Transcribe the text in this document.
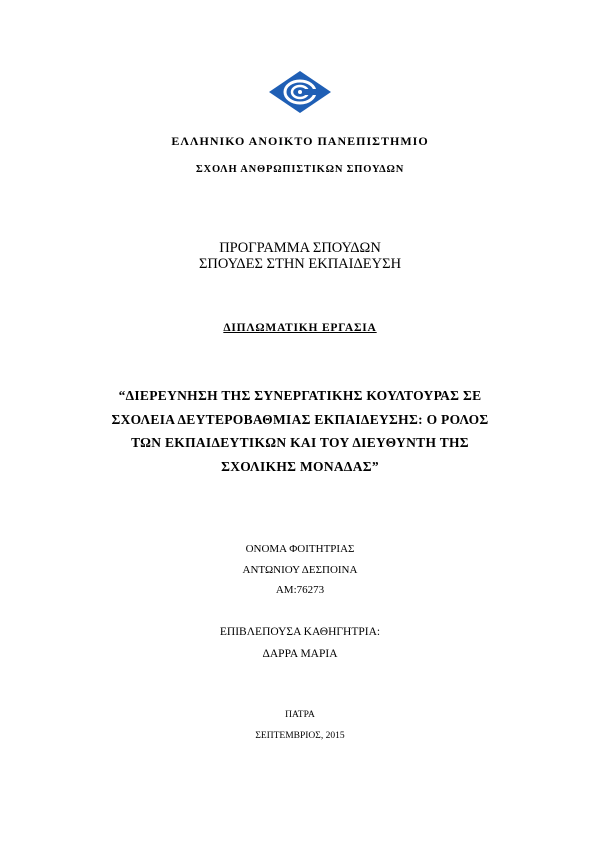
ΕΛΛΗΝΙΚΟ ΑΝΟΙΚΤΟ ΠΑΝΕΠΙΣΤΗΜΙΟ
ΣΧΟΛΗ ΑΝΘΡΩΠΙΣΤΙΚΩΝ ΣΠΟΥΔΩΝ
ΠΡΟΓΡΑΜΜΑ ΣΠΟΥΔΩΝ
ΣΠΟΥΔΕΣ ΣΤΗΝ ΕΚΠΑΙΔΕΥΣΗ
ΔΙΠΛΩΜΑΤΙΚΗ ΕΡΓΑΣΙΑ
“ΔΙΕΡΕΥΝΗΣΗ ΤΗΣ ΣΥΝΕΡΓΑΤΙΚΗΣ ΚΟΥΛΤΟΥΡΑΣ ΣΕ
ΣΧΟΛΕΙΑ ΔΕΥΤΕΡΟΒΑΘΜΙΑΣ ΕΚΠΑΙΔΕΥΣΗΣ: Ο ΡΟΛΟΣ
ΤΩΝ ΕΚΠΑΙΔΕΥΤΙΚΩΝ ΚΑΙ ΤΟΥ ΔΙΕΥΘΥΝΤΗ ΤΗΣ
ΣΧΟΛΙΚΗΣ ΜΟΝΑΔΑΣ”
ΟΝΟΜΑ ΦΟΙΤΗΤΡΙΑΣ
ΑΝΤΩΝΙΟΥ ΔΕΣΠΟΙΝΑ
ΑΜ:76273
ΕΠΙΒΛΕΠΟΥΣΑ ΚΑΘΗΓΗΤΡΙΑ:
ΔΑΡΡΑ ΜΑΡΙΑ
ΠΑΤΡΑ
ΣΕΠΤΕΜΒΡΙΟΣ, 2015
